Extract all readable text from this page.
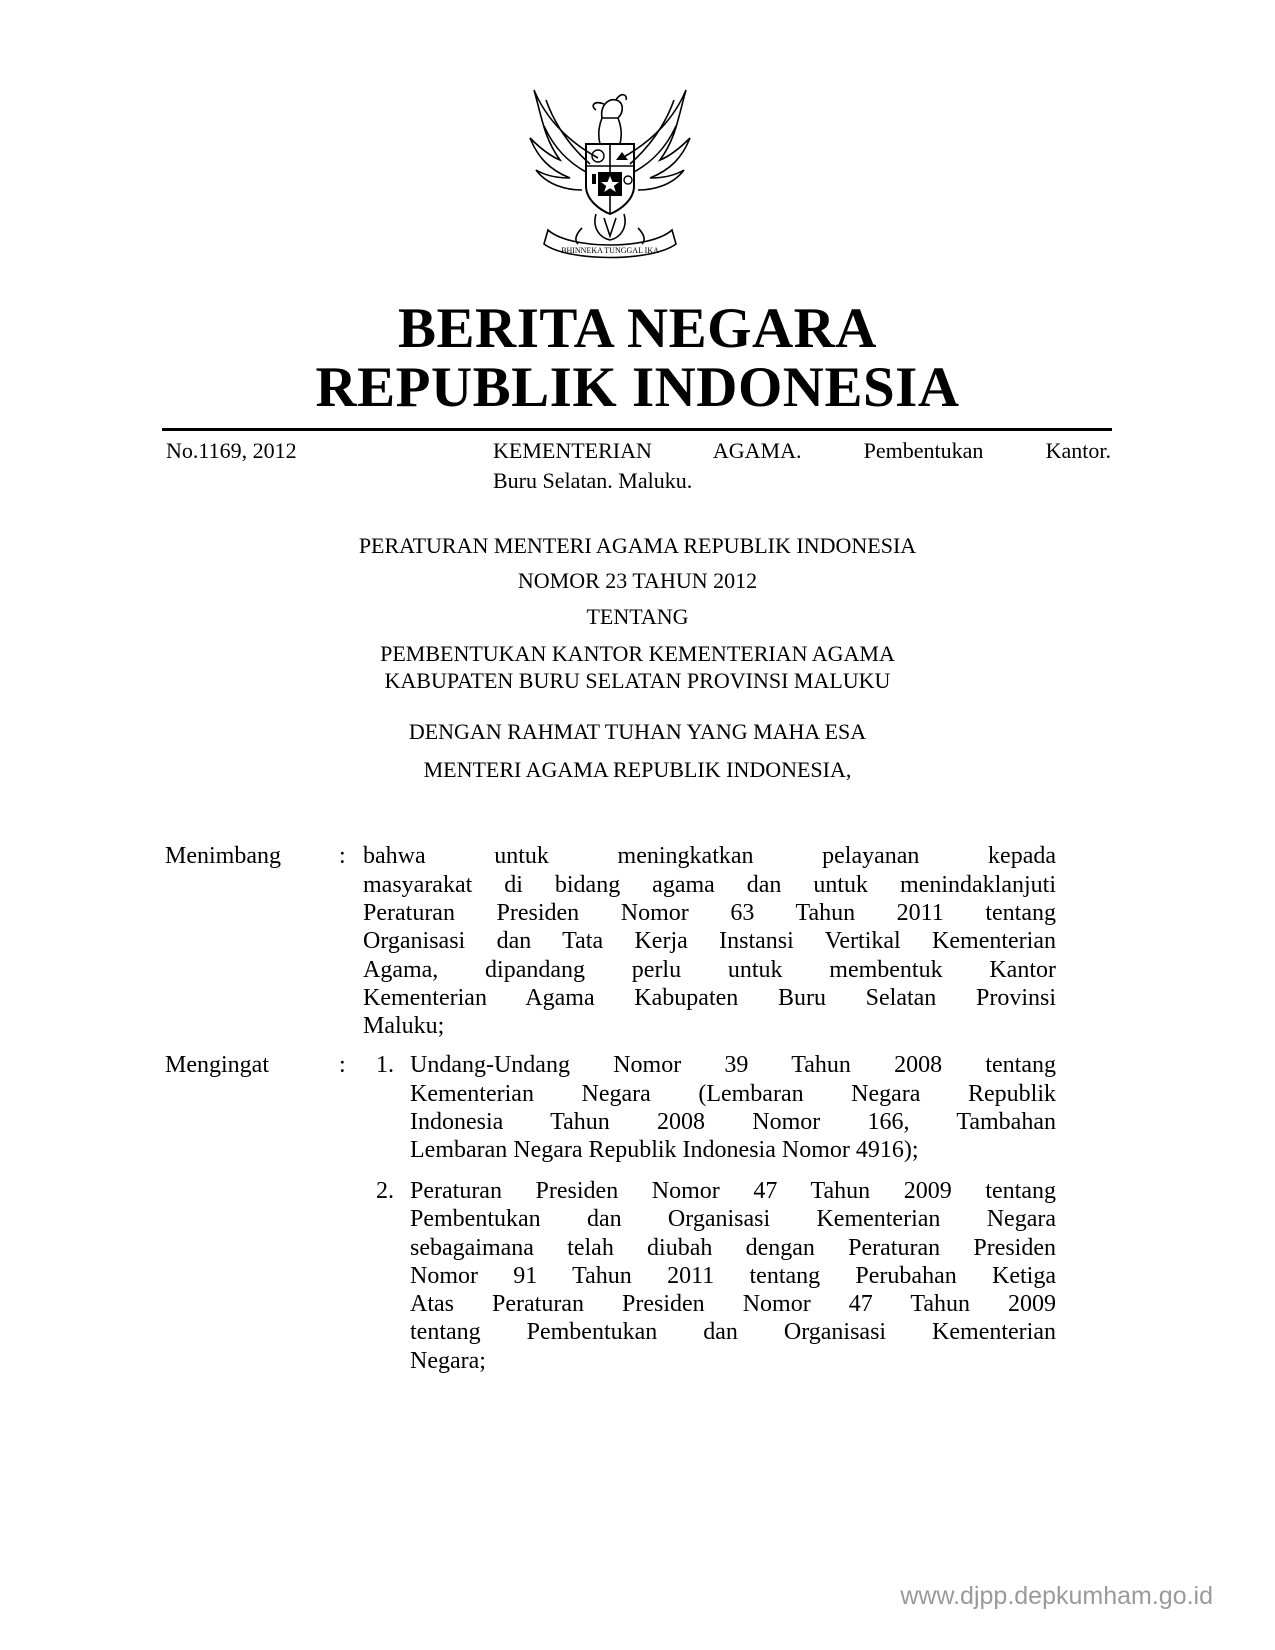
BHINNEKA TUNGGAL IKA
BERITA NEGARA
REPUBLIK INDONESIA
No.1169, 2012	KEMENTERIAN AGAMA. Pembentukan Kantor.
Buru Selatan. Maluku.
PERATURAN MENTERI AGAMA REPUBLIK INDONESIA
NOMOR 23 TAHUN 2012
TENTANG
PEMBENTUKAN KANTOR KEMENTERIAN AGAMA
KABUPATEN BURU SELATAN PROVINSI MALUKU
DENGAN RAHMAT TUHAN YANG MAHA ESA
MENTERI AGAMA REPUBLIK INDONESIA,
Menimbang : bahwa untuk meningkatkan pelayanan kepada
masyarakat di bidang agama dan untuk menindaklanjuti
Peraturan Presiden Nomor 63 Tahun 2011 tentang
Organisasi dan Tata Kerja Instansi Vertikal Kementerian
Agama, dipandang perlu untuk membentuk Kantor
Kementerian Agama Kabupaten Buru Selatan Provinsi
Maluku;
Mengingat	: 1. Undang-Undang Nomor 39 Tahun 2008 tentang
Kementerian Negara (Lembaran Negara Republik
Indonesia Tahun 2008 Nomor 166, Tambahan
Lembaran Negara Republik Indonesia Nomor 4916);
2. Peraturan Presiden Nomor 47 Tahun 2009 tentang
Pembentukan dan Organisasi Kementerian Negara
sebagaimana telah diubah dengan Peraturan Presiden
Nomor 91 Tahun 2011 tentang Perubahan Ketiga
Atas Peraturan Presiden Nomor 47 Tahun 2009
tentang Pembentukan dan Organisasi Kementerian
Negara;
www.djpp.depkumham.go.id
